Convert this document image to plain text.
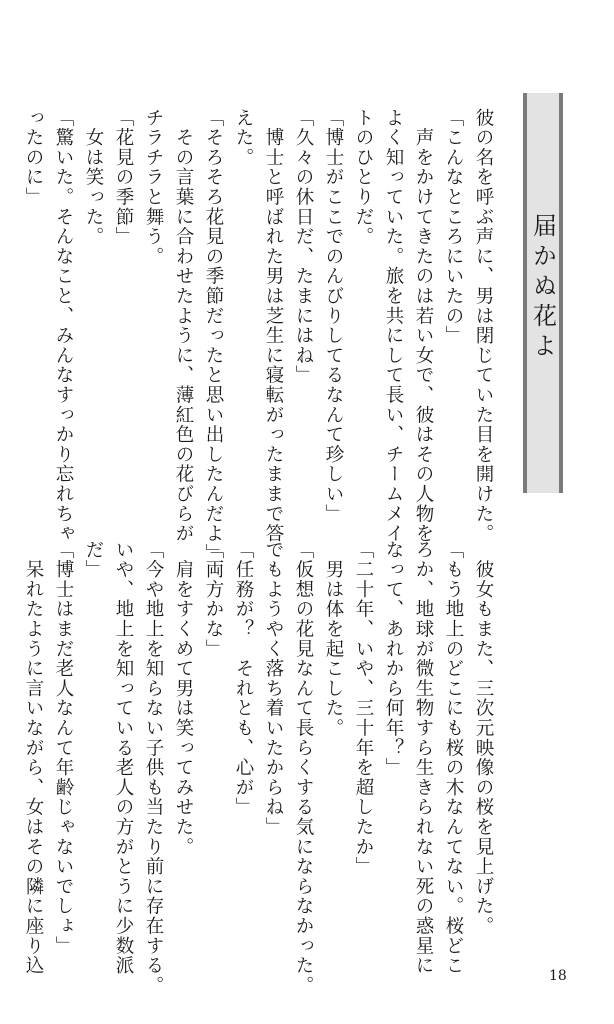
届かぬ花よ
彼の名を呼ぶ声に、男は閉じていた目を開けた。
「こんなところにいたの」
　声をかけてきたのは若い女で、彼はその人物を
よく知っていた。旅を共にして長い、チームメイ
トのひとりだ。
「博士がここでのんびりしてるなんて珍しい」
「久々の休日だ、たまにはね」
　博士と呼ばれた男は芝生に寝転がったままで答
えた。
「そろそろ花見の季節だったと思い出したんだよ」
　その言葉に合わせたように、薄紅色の花びらが
チラチラと舞う。
「花見の季節」
　女は笑った。
「驚いた。そんなこと、みんなすっかり忘れちゃ
ったのに」
　彼女もまた、三次元映像の桜を見上げた。
「もう地上のどこにも桜の木なんてない。桜どこ
ろか、地球が微生物すら生きられない死の惑星に
なって、あれから何年？」
「二十年、いや、三十年を超したか」
　男は体を起こした。
「仮想の花見なんて長らくする気にならなかった。
でもようやく落ち着いたからね」
「任務が？　それとも、心が」
「両方かな」
　肩をすくめて男は笑ってみせた。
「今や地上を知らない子供も当たり前に存在する。
いや、地上を知っている老人の方がとうに少数派
だ」
「博士はまだ老人なんて年齢じゃないでしょ」
　呆れたように言いながら、女はその隣に座り込
18
